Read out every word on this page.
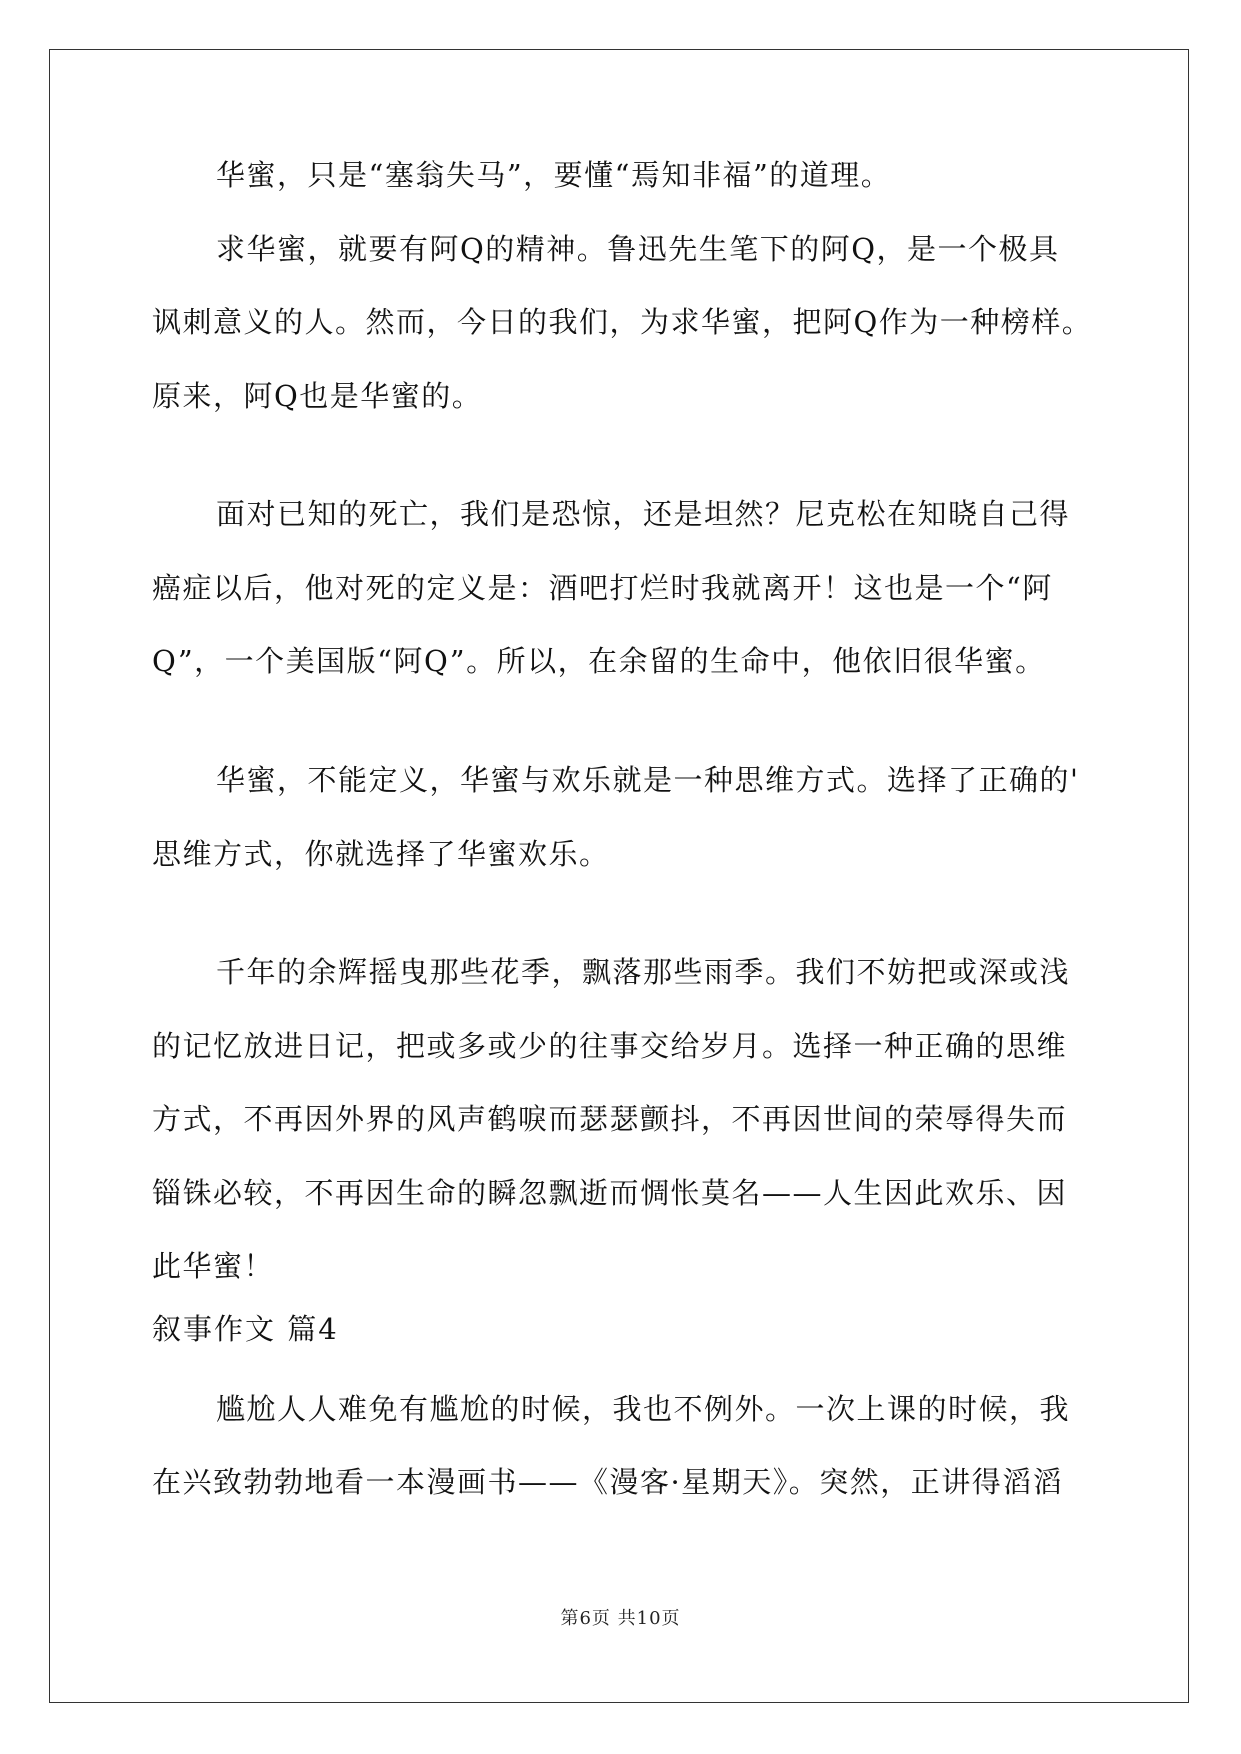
华蜜，只是“塞翁失马”，要懂“焉知非福”的道理。
求华蜜，就要有阿Q的精神。鲁迅先生笔下的阿Q，是一个极具
讽刺意义的人。然而，今日的我们，为求华蜜，把阿Q作为一种榜样。
原来，阿Q也是华蜜的。
面对已知的死亡，我们是恐惊，还是坦然？尼克松在知晓自己得
癌症以后，他对死的定义是：酒吧打烂时我就离开！这也是一个“阿
Q”，一个美国版“阿Q”。所以，在余留的生命中，他依旧很华蜜。
华蜜，不能定义，华蜜与欢乐就是一种思维方式。选择了正确的'
思维方式，你就选择了华蜜欢乐。
千年的余辉摇曳那些花季，飘落那些雨季。我们不妨把或深或浅
的记忆放进日记，把或多或少的往事交给岁月。选择一种正确的思维
方式，不再因外界的风声鹤唳而瑟瑟颤抖，不再因世间的荣辱得失而
锱铢必较，不再因生命的瞬忽飘逝而惆怅莫名——人生因此欢乐、因
此华蜜！
叙事作文 篇4
尴尬人人难免有尴尬的时候，我也不例外。一次上课的时候，我
在兴致勃勃地看一本漫画书——《漫客·星期天》。突然，正讲得滔滔
第6页 共10页
